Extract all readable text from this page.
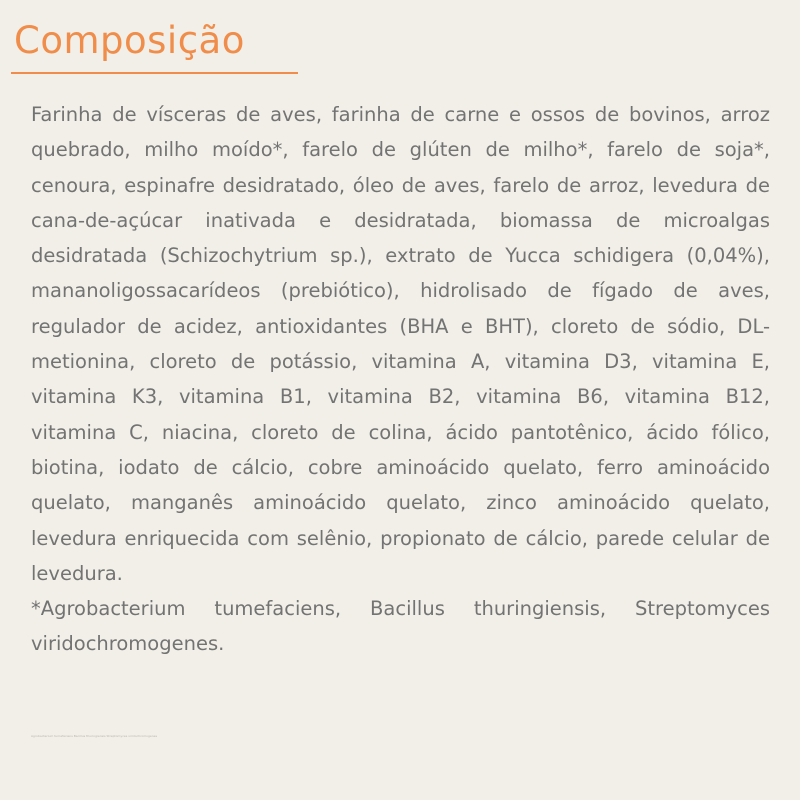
Composição

Farinha de vísceras de aves, farinha de carne e ossos de bovinos, arroz quebrado, milho moído*, farelo de glúten de milho*, farelo de soja*, cenoura, espinafre desidratado, óleo de aves, farelo de arroz, levedura de cana-de-açúcar inativada e desidratada, biomassa de microalgas desidratada (Schizochytrium sp.), extrato de Yucca schidigera (0,04%), mananoligossacarídeos (prebiótico), hidrolisado de fígado de aves, regulador de acidez, antioxidantes (BHA e BHT), cloreto de sódio, DL-metionina, cloreto de potássio, vitamina A, vitamina D3, vitamina E, vitamina K3, vitamina B1, vitamina B2, vitamina B6, vitamina B12, vitamina C, niacina, cloreto de colina, ácido pantotênico, ácido fólico, biotina, iodato de cálcio, cobre aminoácido quelato, ferro aminoácido quelato, manganês aminoácido quelato, zinco aminoácido quelato, levedura enriquecida com selênio, propionato de cálcio, parede celular de levedura.

*Agrobacterium tumefaciens, Bacillus thuringiensis, Streptomyces viridochromogenes.

Agrobacterium tumefaciens Bacillus thuringiensis Streptomyces viridochromogenes
